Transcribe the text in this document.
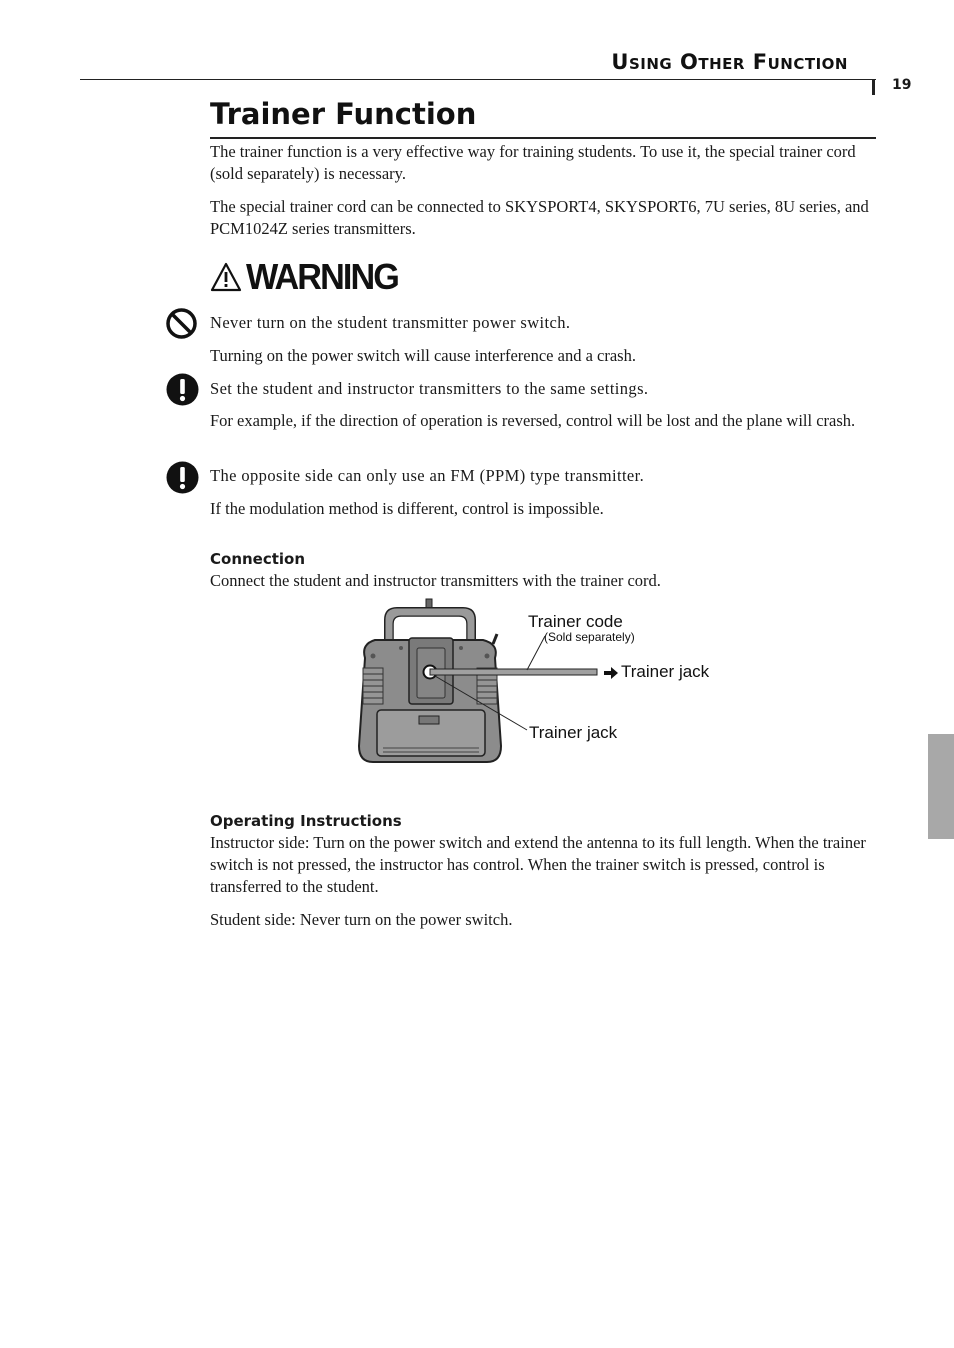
Using Other Function
19
Trainer Function

The trainer function is a very effective way for training students. To use it, the special trainer cord (sold separately) is necessary.

The special trainer cord can be connected to SKYSPORT4, SKYSPORT6, 7U series, 8U series, and PCM1024Z series transmitters.

WARNING

Never turn on the student transmitter power switch.

Turning on the power switch will cause interference and a crash.

Set the student and instructor transmitters to the same settings.

For example, if the direction of operation is reversed, control will be lost and the plane will crash.

The opposite side can only use an FM (PPM) type transmitter.

If the modulation method is different, control is impossible.

Connection

Connect the student and instructor transmitters with the trainer cord.

Trainer code
(Sold separately)
Trainer jack
Trainer jack
Operating Instructions

Instructor side: Turn on the power switch and extend the antenna to its full length. When the trainer switch is not pressed, the instructor has control. When the trainer switch is pressed, control is transferred to the student.

Student side: Never turn on the power switch.
